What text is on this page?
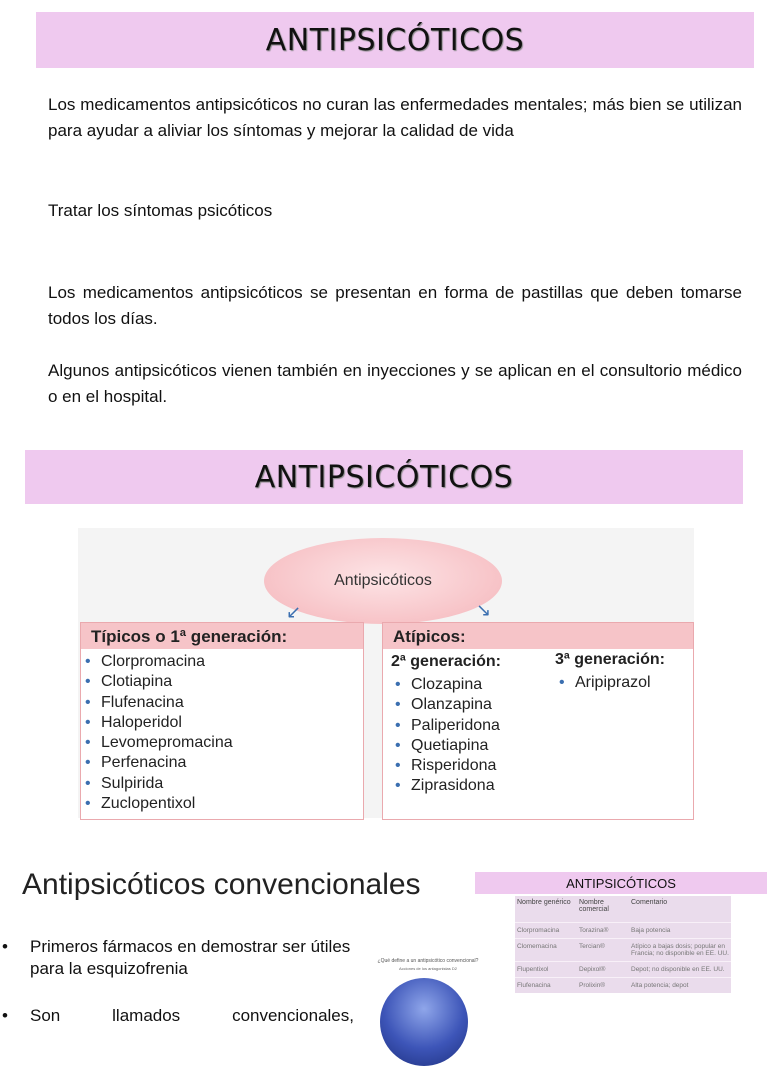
ANTIPSICÓTICOS

Los medicamentos antipsicóticos no curan las enfermedades mentales; más bien se utilizan para ayudar a aliviar los síntomas y mejorar la calidad de vida

Tratar los síntomas psicóticos

Los medicamentos antipsicóticos se presentan en forma de pastillas que deben tomarse todos los días.

Algunos antipsicóticos vienen también en inyecciones y se aplican en el consultorio médico o en el hospital.

ANTIPSICÓTICOS
Antipsicóticos
↙	↘
Típicos o 1ª generación:
• Clorpromacina
• Clotiapina
• Flufenacina
• Haloperidol
• Levomepromacina
• Perfenacina
• Sulpirida
• Zuclopentixol
Atípicos:
2ª generación:
• Clozapina
• Olanzapina
• Paliperidona
• Quetiapina
• Risperidona
• Ziprasidona
3ª generación:
• Aripiprazol
Antipsicóticos convencionales
• Primeros fármacos en demostrar ser útiles para la esquizofrenia
• Son llamados convencionales,
¿Qué define a un antipsicótico convencional?
Acciones de los antagonistas D2
ANTIPSICÓTICOS
Nombre genérico	Nombre comercial	Comentario
Clorpromacina	Torazina®	Baja potencia
Clomemacina	Tercian®	Atípico a bajas dosis; popular en Francia; no disponible en EE. UU.
Flupentixol	Depixol®	Depot; no disponible en EE. UU.
Flufenacina	Prolixin®	Alta potencia; depot
